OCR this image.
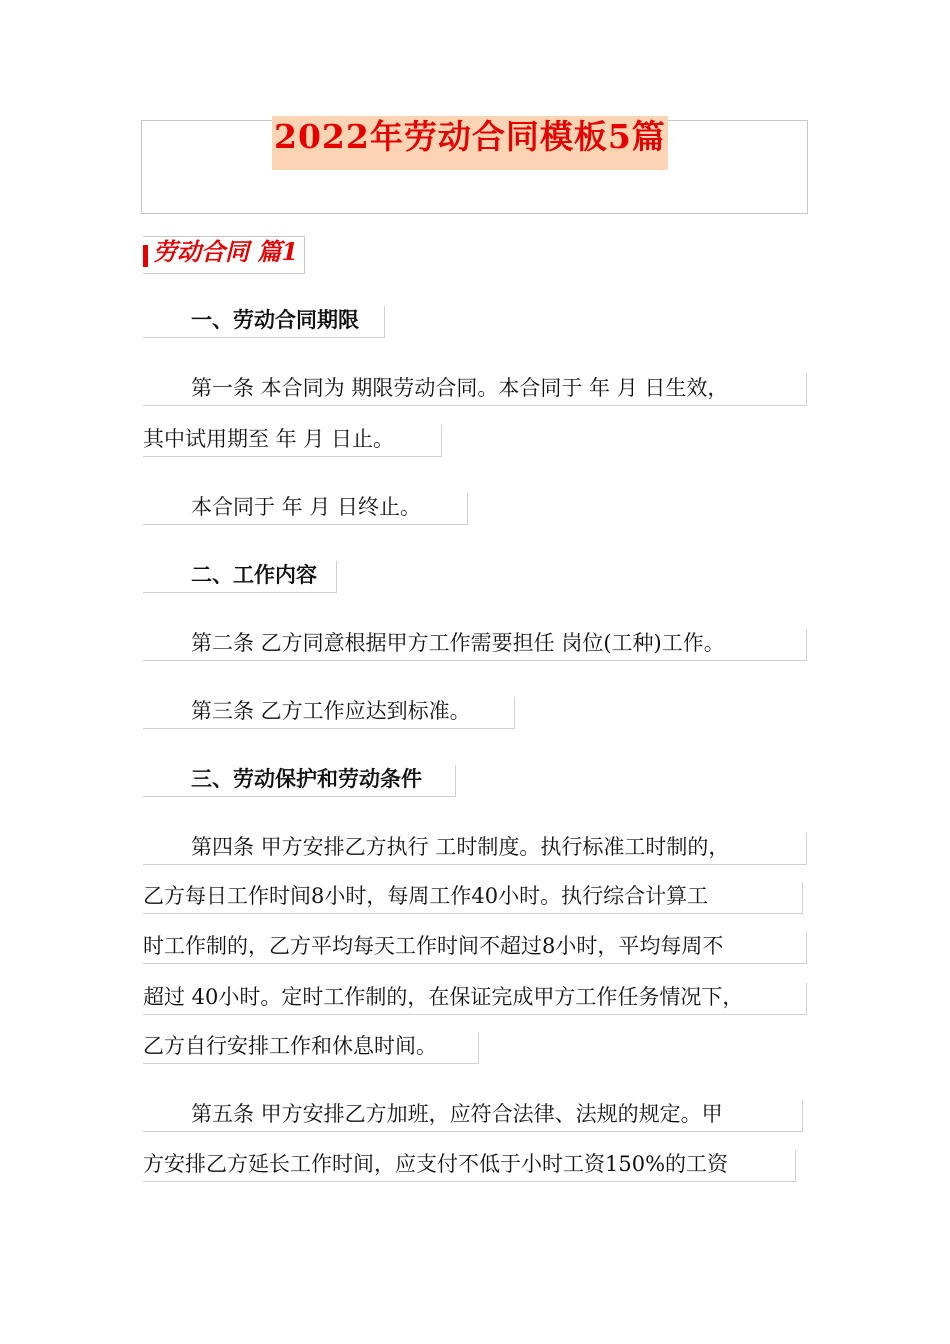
2022年劳动合同模板5篇
劳动合同 篇1
一、劳动合同期限
第一条 本合同为 期限劳动合同。本合同于 年 月 日生效，
其中试用期至 年 月 日止。
本合同于 年 月 日终止。
二、工作内容
第二条 乙方同意根据甲方工作需要担任 岗位(工种)工作。
第三条 乙方工作应达到标准。
三、劳动保护和劳动条件
第四条 甲方安排乙方执行 工时制度。执行标准工时制的，
乙方每日工作时间8小时，每周工作40小时。执行综合计算工
时工作制的，乙方平均每天工作时间不超过8小时，平均每周不
超过 40小时。定时工作制的，在保证完成甲方工作任务情况下，
乙方自行安排工作和休息时间。
第五条 甲方安排乙方加班，应符合法律、法规的规定。甲
方安排乙方延长工作时间，应支付不低于小时工资150%的工资
